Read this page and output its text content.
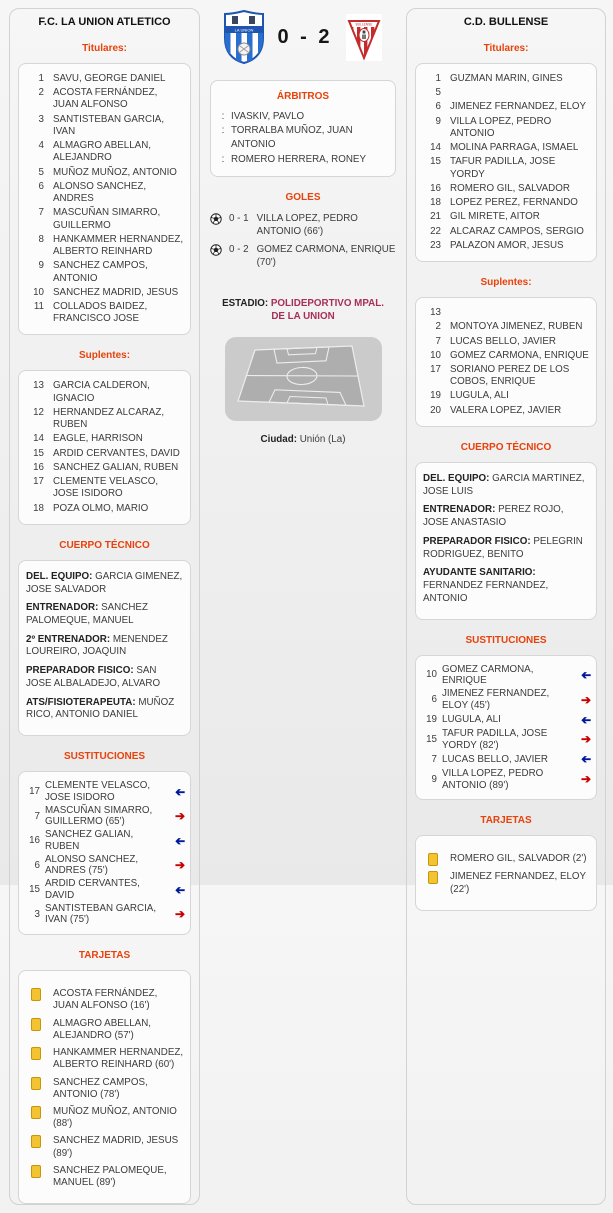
F.C. LA UNION ATLETICO
Titulares:
1 SAVU, GEORGE DANIEL
2 ACOSTA FERNÁNDEZ, JUAN ALFONSO
3 SANTISTEBAN GARCIA, IVAN
4 ALMAGRO ABELLAN, ALEJANDRO
5 MUÑOZ MUÑOZ, ANTONIO
6 ALONSO SANCHEZ, ANDRES
7 MASCUÑAN SIMARRO, GUILLERMO
8 HANKAMMER HERNANDEZ, ALBERTO REINHARD
9 SANCHEZ CAMPOS, ANTONIO
10 SANCHEZ MADRID, JESUS
11 COLLADOS BAIDEZ, FRANCISCO JOSE
Suplentes:
13 GARCIA CALDERON, IGNACIO
12 HERNANDEZ ALCARAZ, RUBEN
14 EAGLE, HARRISON
15 ARDID CERVANTES, DAVID
16 SANCHEZ GALIAN, RUBEN
17 CLEMENTE VELASCO, JOSE ISIDORO
18 POZA OLMO, MARIO
CUERPO TÉCNICO
DEL. EQUIPO: GARCIA GIMENEZ, JOSE SALVADOR
ENTRENADOR: SANCHEZ PALOMEQUE, MANUEL
2º ENTRENADOR: MENENDEZ LOUREIRO, JOAQUIN
PREPARADOR FISICO: SAN JOSE ALBALADEJO, ALVARO
ATS/FISIOTERAPEUTA: MUÑOZ RICO, ANTONIO DANIEL
SUSTITUCIONES
17
CLEMENTE VELASCO, JOSE ISIDORO
➔
7
MASCUÑAN SIMARRO, GUILLERMO (65')
➔
16
SANCHEZ GALIAN, RUBEN
➔
6
ALONSO SANCHEZ, ANDRES (75')
➔
15
ARDID CERVANTES, DAVID
➔
3
SANTISTEBAN GARCIA, IVAN (75')
➔
TARJETAS
ACOSTA FERNÁNDEZ, JUAN ALFONSO (16')
ALMAGRO ABELLAN, ALEJANDRO (57')
HANKAMMER HERNANDEZ, ALBERTO REINHARD (60')
SANCHEZ CAMPOS, ANTONIO (78')
MUÑOZ MUÑOZ, ANTONIO (88')
SANCHEZ MADRID, JESUS (89')
SANCHEZ PALOMEQUE, MANUEL (89')
LA UNION 0 - 2
BULLENSE
ÁRBITROS
: IVASKIV, PAVLO
: TORRALBA MUÑOZ, JUAN ANTONIO
: ROMERO HERRERA, RONEY
GOLES
0 - 1 VILLA LOPEZ, PEDRO ANTONIO (66')
0 - 2 GOMEZ CARMONA, ENRIQUE (70')
ESTADIO: POLIDEPORTIVO MPAL. DE LA UNION
Ciudad: Unión (La)
C.D. BULLENSE
Titulares:
1 GUZMAN MARIN, GINES
5
6 JIMENEZ FERNANDEZ, ELOY
9 VILLA LOPEZ, PEDRO ANTONIO
14 MOLINA PARRAGA, ISMAEL
15 TAFUR PADILLA, JOSE YORDY
16 ROMERO GIL, SALVADOR
18 LOPEZ PEREZ, FERNANDO
21 GIL MIRETE, AITOR
22 ALCARAZ CAMPOS, SERGIO
23 PALAZON AMOR, JESUS
Suplentes:
13
2 MONTOYA JIMENEZ, RUBEN
7 LUCAS BELLO, JAVIER
10 GOMEZ CARMONA, ENRIQUE
17 SORIANO PEREZ DE LOS COBOS, ENRIQUE
19 LUGULA, ALI
20 VALERA LOPEZ, JAVIER
CUERPO TÉCNICO
DEL. EQUIPO: GARCIA MARTINEZ, JOSE LUIS
ENTRENADOR: PEREZ ROJO, JOSE ANASTASIO
PREPARADOR FISICO: PELEGRIN RODRIGUEZ, BENITO
AYUDANTE SANITARIO: FERNANDEZ FERNANDEZ, ANTONIO
SUSTITUCIONES
10
GOMEZ CARMONA, ENRIQUE
➔
6
JIMENEZ FERNANDEZ, ELOY (45')
➔
19 LUGULA, ALI
➔
15
TAFUR PADILLA, JOSE YORDY (82')
➔
7 LUCAS BELLO, JAVIER
➔
9
VILLA LOPEZ, PEDRO ANTONIO (89')
➔
TARJETAS
ROMERO GIL, SALVADOR (2')
JIMENEZ FERNANDEZ, ELOY (22')
